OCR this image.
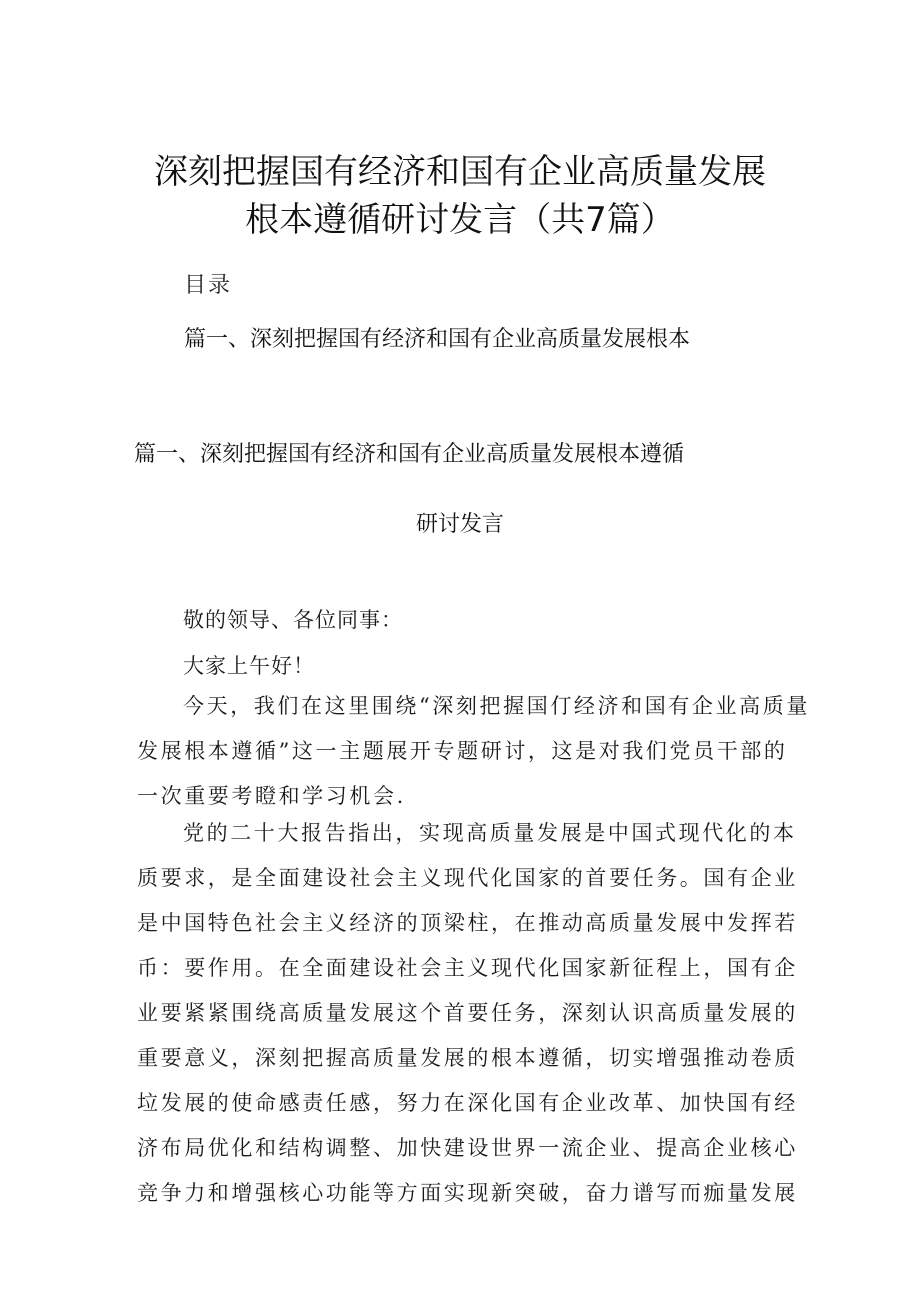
深刻把握国有经济和国有企业高质量发展
根本遵循研讨发言（共7篇）
目录
篇一、深刻把握国有经济和国有企业高质量发展根本
篇一、深刻把握国有经济和国有企业高质量发展根本遵循
研讨发言
敬的领导、各位同事：
大家上午好！
今天，我们在这里围绕“深刻把握国仃经济和国有企业高质量
发展根本遵循”这一主题展开专题研讨，这是对我们党员干部的
一次重要考瞪和学习机会.
党的二十大报告指出，实现高质量发展是中国式现代化的本
质要求，是全面建设社会主义现代化国家的首要任务。国有企业
是中国特色社会主义经济的顶梁柱，在推动高质量发展中发挥若
币：要作用。在全面建设社会主义现代化国家新征程上，国有企
业要紧紧围绕高质量发展这个首要任务，深刻认识高质量发展的
重要意义，深刻把握高质量发展的根本遵循，切实增强推动卷质
垃发展的使命感责任感，努力在深化国有企业改革、加快国有经
济布局优化和结构调整、加快建设世界一流企业、提高企业核心
竞争力和增强核心功能等方面实现新突破，奋力谱写而痂量发展
